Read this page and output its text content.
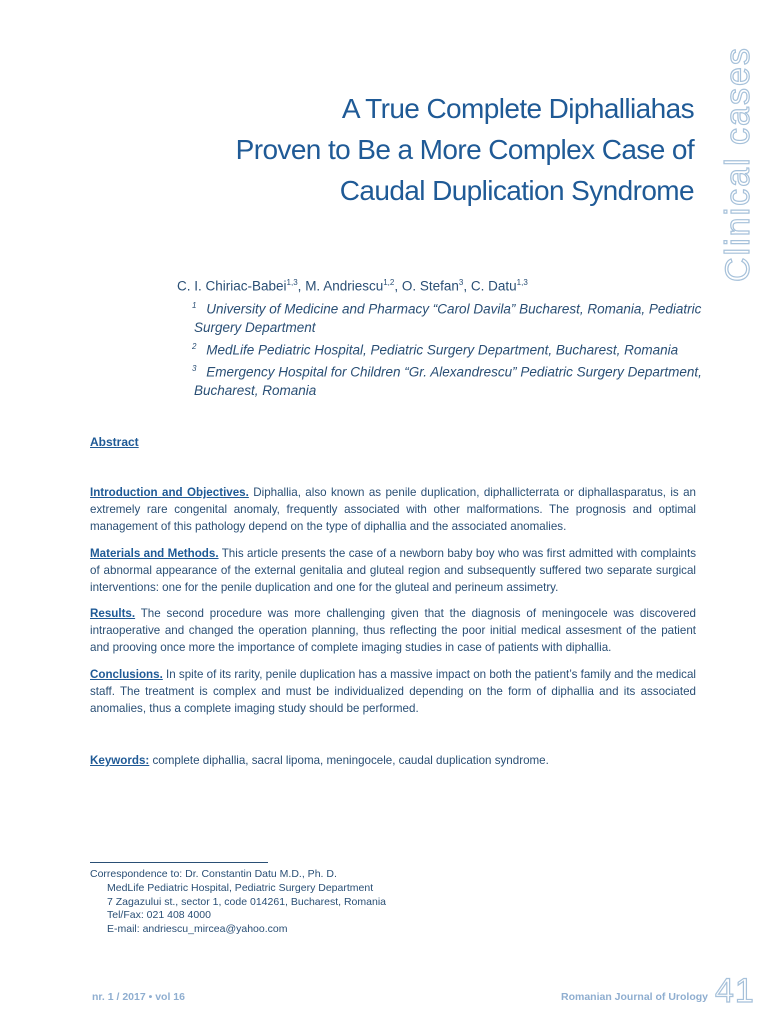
A True Complete Diphalliahas
Proven to Be a More Complex Case of
Caudal Duplication Syndrome Clinical cases
C. I. Chiriac-Babei$^{1,3}$, M. Andriescu$^{1,2}$, O. Stefan$^3$, C. Datu$^{1,3}$

$^1$ University of Medicine and Pharmacy “Carol Davila” Bucharest, Romania, Pediatric Surgery Department

$^2$ MedLife Pediatric Hospital, Pediatric Surgery Department, Bucharest, Romania

$^3$ Emergency Hospital for Children “Gr. Alexandrescu” Pediatric Surgery Department, Bucharest, Romania

Abstract

Introduction and Objectives. Diphallia, also known as penile duplication, diphallicterrata or diphallasparatus, is an extremely rare congenital anomaly, frequently associated with other malformations. The prognosis and optimal management of this pathology depend on the type of diphallia and the associated anomalies.

Materials and Methods. This article presents the case of a newborn baby boy who was first admitted with complaints of abnormal appearance of the external genitalia and gluteal region and subsequently suffered two separate surgical interventions: one for the penile duplication and one for the gluteal and perineum assimetry.

Results. The second procedure was more challenging given that the diagnosis of meningocele was discovered intraoperative and changed the operation planning, thus reflecting the poor initial medical assesment of the patient and prooving once more the importance of complete imaging studies in case of patients with diphallia.

Conclusions. In spite of its rarity, penile duplication has a massive impact on both the patient’s family and the medical staff. The treatment is complex and must be individualized depending on the form of diphallia and its associated anomalies, thus a complete imaging study should be performed.

Keywords: complete diphallia, sacral lipoma, meningocele, caudal duplication syndrome.

Correspondence to: Dr. Constantin Datu M.D., Ph. D.
MedLife Pediatric Hospital, Pediatric Surgery Department
7 Zagazului st., sector 1, code 014261, Bucharest, Romania
Tel/Fax: 021 408 4000
E-mail: andriescu_mircea@yahoo.com
nr. 1 / 2017 • vol 16	Romanian Journal of Urology 41
